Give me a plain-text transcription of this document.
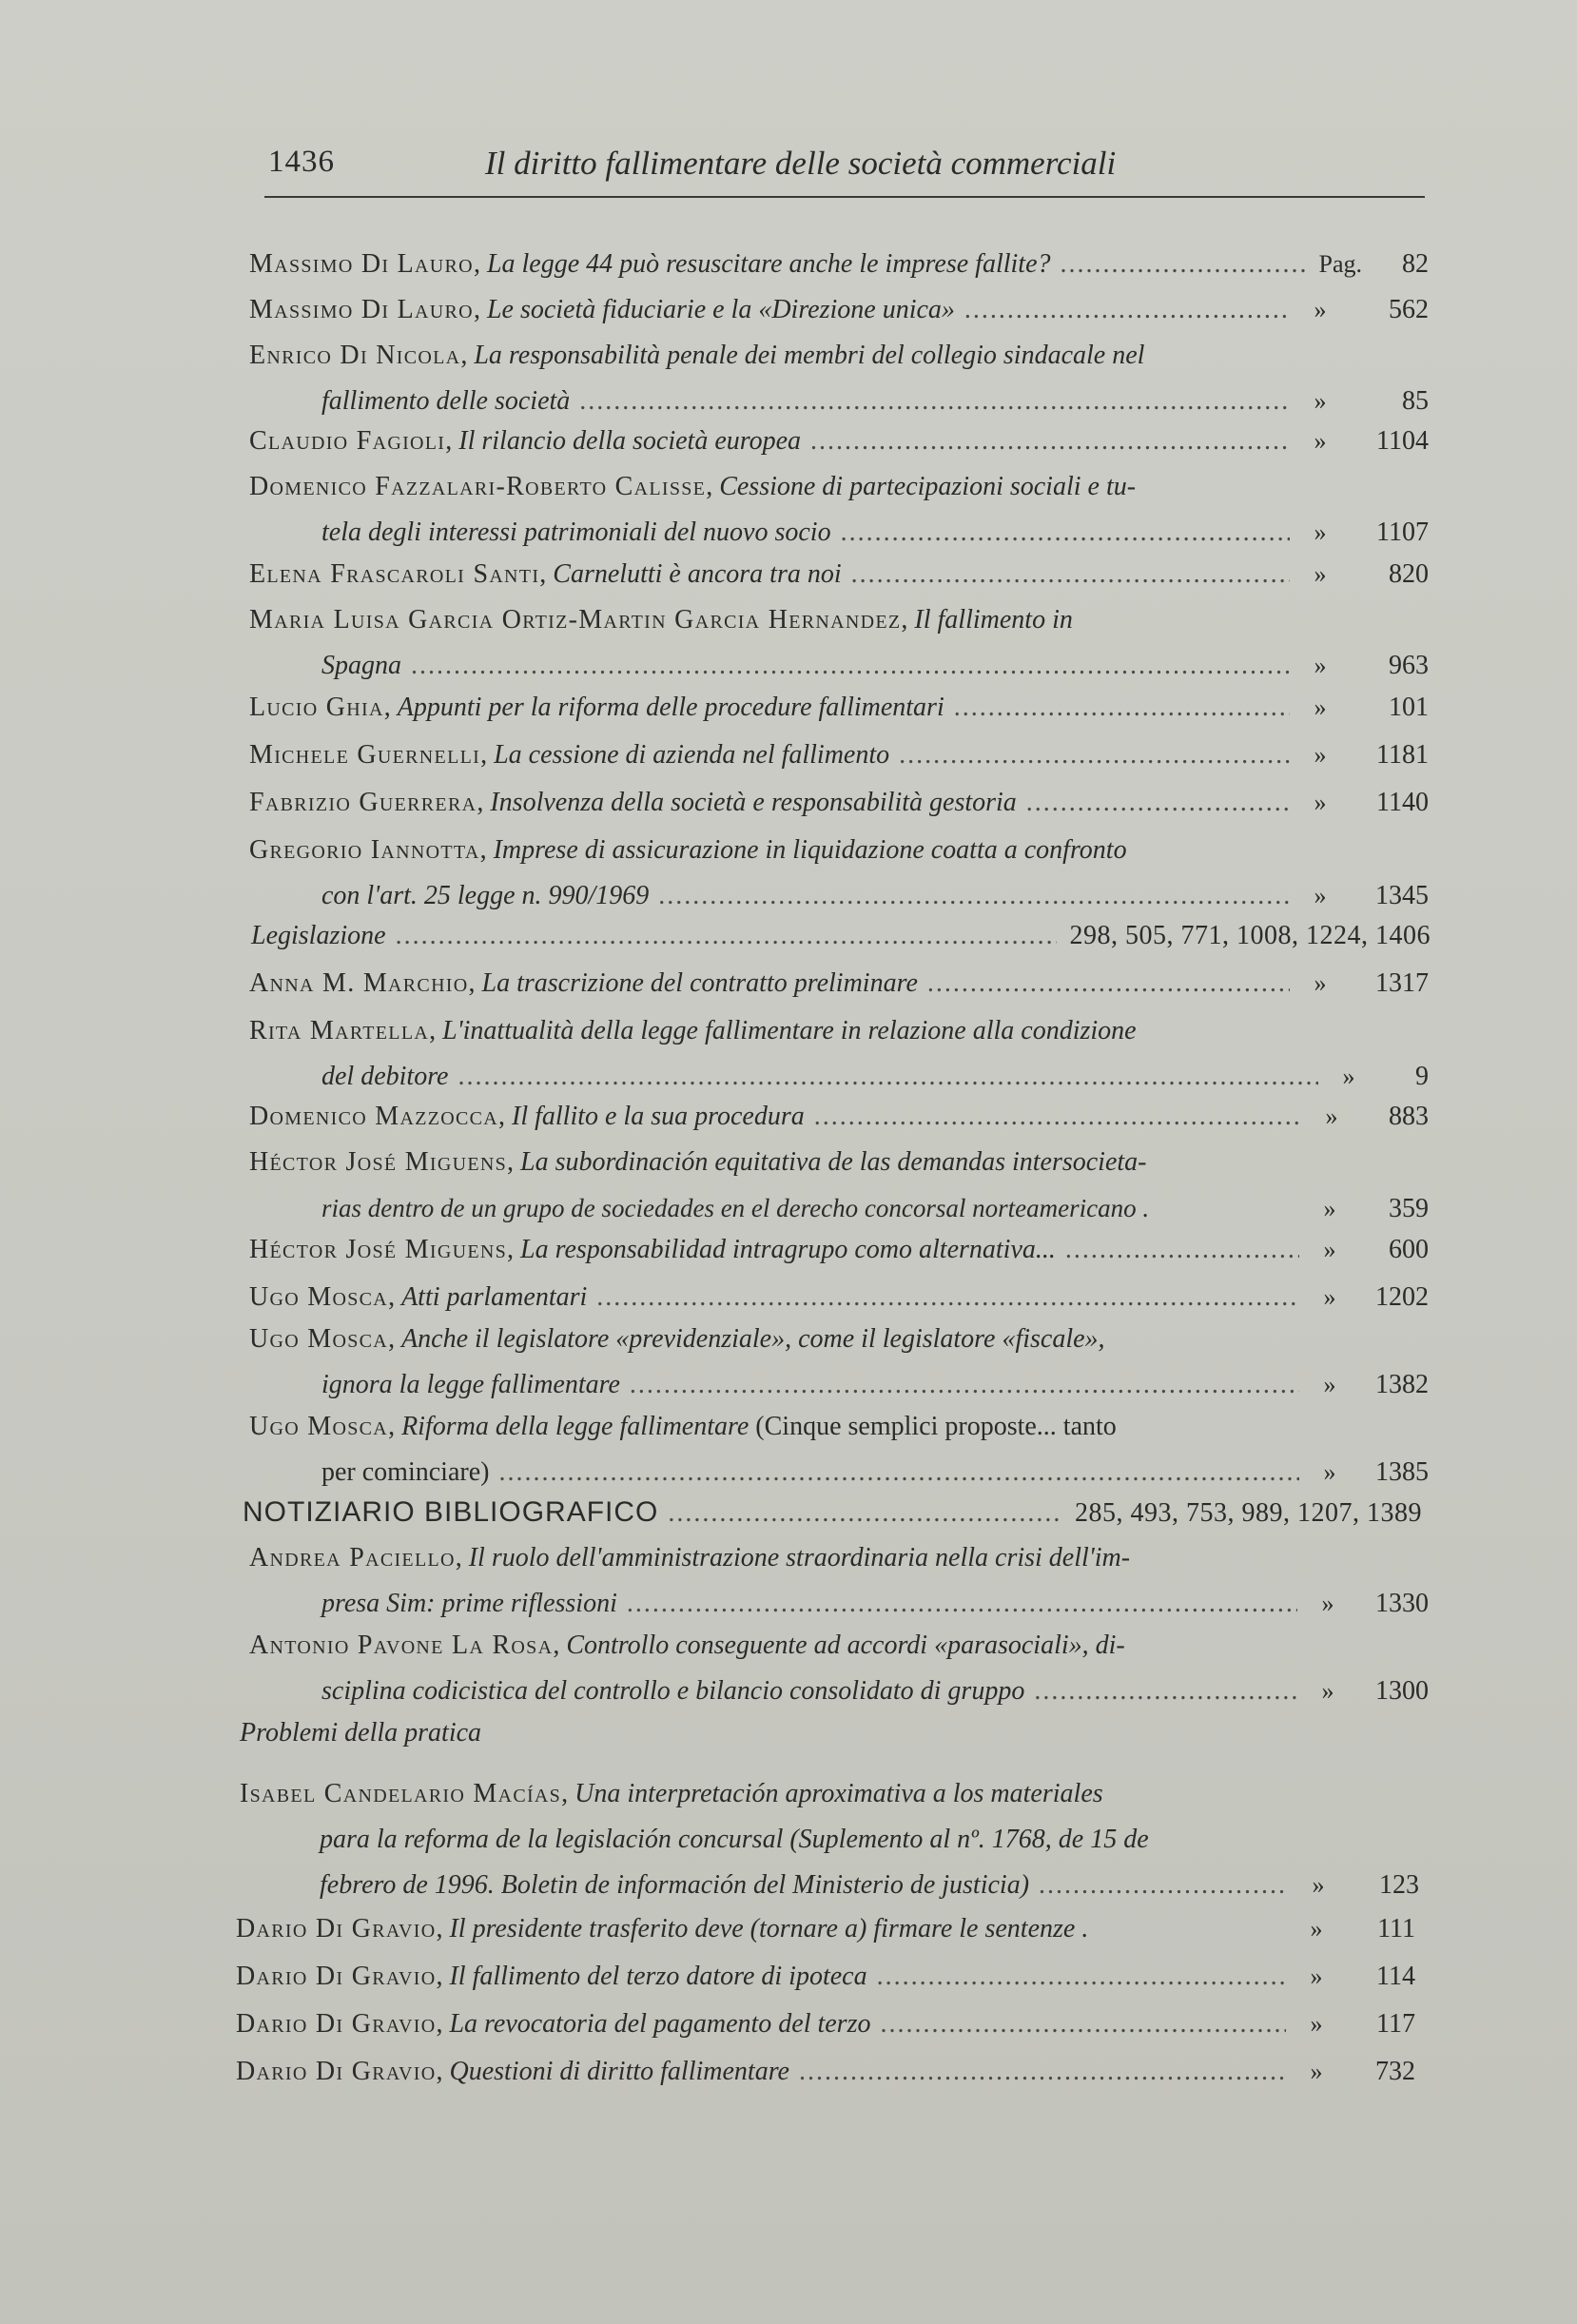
1436	Il diritto fallimentare delle società commerciali
Massimo Di Lauro, La legge 44 può resuscitare anche le imprese fallite? .....	Pag.	82
Massimo Di Lauro, Le società fiduciarie e la «Direzione unica» .....	»	562
Enrico Di Nicola, La responsabilità penale dei membri del collegio sindacale nel
fallimento delle società .....	»	85
Claudio Fagioli, Il rilancio della società europea .....	»	1104
Domenico Fazzalari-Roberto Calisse, Cessione di partecipazioni sociali e tu-
tela degli interessi patrimoniali del nuovo socio .....	»	1107
Elena Frascaroli Santi, Carnelutti è ancora tra noi .....	»	820
Maria Luisa Garcia Ortiz-Martin Garcia Hernandez, Il fallimento in
Spagna .....	»	963
Lucio Ghia, Appunti per la riforma delle procedure fallimentari .....	»	101
Michele Guernelli, La cessione di azienda nel fallimento .....	»	1181
Fabrizio Guerrera, Insolvenza della società e responsabilità gestoria .....	»	1140
Gregorio Iannotta, Imprese di assicurazione in liquidazione coatta a confronto
con l'art. 25 legge n. 990/1969 .....	»	1345
Legislazione .....	298, 505, 771, 1008, 1224, 1406
Anna M. Marchio, La trascrizione del contratto preliminare .....	»	1317
Rita Martella, L'inattualità della legge fallimentare in relazione alla condizione
del debitore .....	»	9
Domenico Mazzocca, Il fallito e la sua procedura .....	»	883
Héctor José Miguens, La subordinación equitativa de las demandas intersocieta-
rias dentro de un grupo de sociedades en el derecho concorsal norteamericano .	»	359
Héctor José Miguens, La responsabilidad intragrupo como alternativa... .....	»	600
Ugo Mosca, Atti parlamentari .....	»	1202
Ugo Mosca, Anche il legislatore «previdenziale», come il legislatore «fiscale»,
ignora la legge fallimentare .....	»	1382
Ugo Mosca, Riforma della legge fallimentare (Cinque semplici proposte... tanto
per cominciare) .....	»	1385
NOTIZIARIO BIBLIOGRAFICO .....	285, 493, 753, 989, 1207, 1389
Andrea Paciello, Il ruolo dell'amministrazione straordinaria nella crisi dell'im-
presa Sim: prime riflessioni .....	»	1330
Antonio Pavone La Rosa, Controllo conseguente ad accordi «parasociali», di-
sciplina codicistica del controllo e bilancio consolidato di gruppo .....	»	1300
Problemi della pratica
Isabel Candelario Macías, Una interpretación aproximativa a los materiales
para la reforma de la legislación concursal (Suplemento al nº. 1768, de 15 de
febrero de 1996. Boletin de información del Ministerio de justicia) .....	»	123
Dario Di Gravio, Il presidente trasferito deve (tornare a) firmare le sentenze .	»	111
Dario Di Gravio, Il fallimento del terzo datore di ipoteca .....	»	114
Dario Di Gravio, La revocatoria del pagamento del terzo .....	»	117
Dario Di Gravio, Questioni di diritto fallimentare .....	»	732
